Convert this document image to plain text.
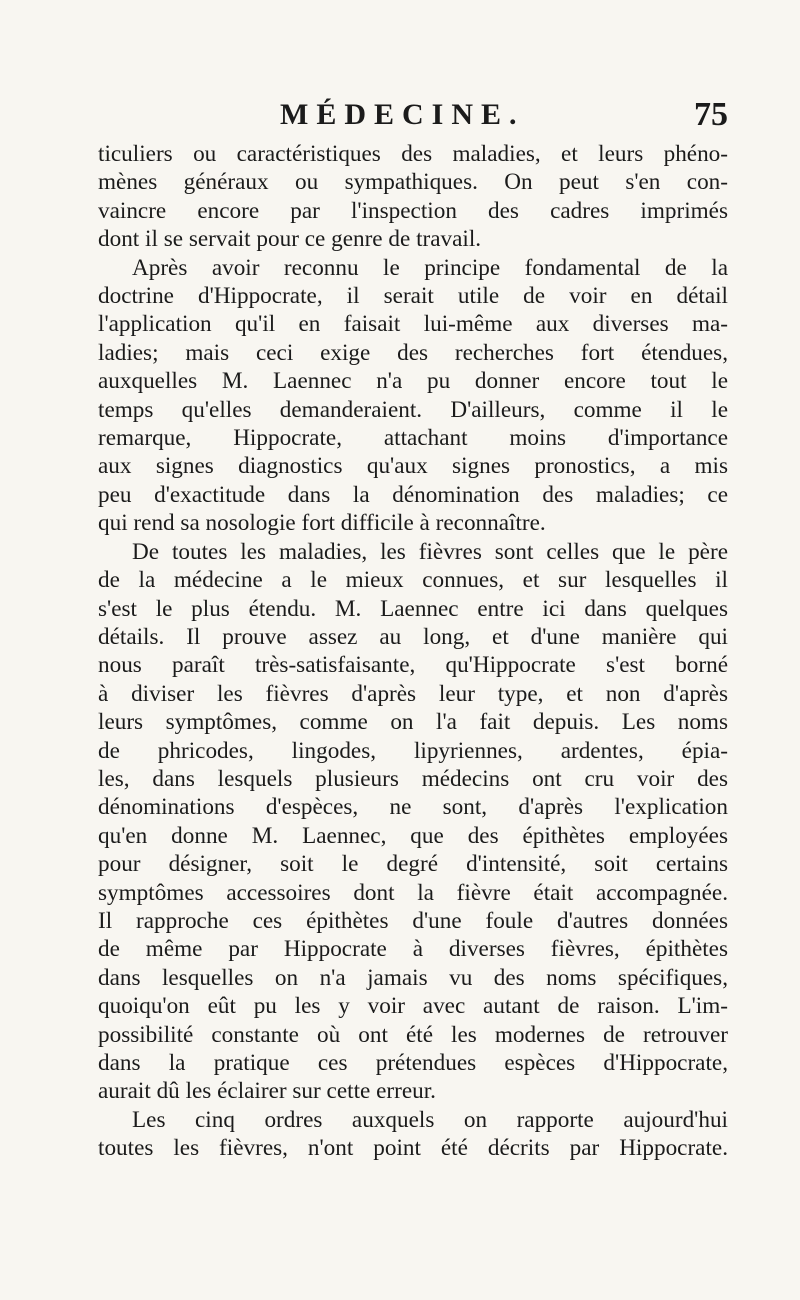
MÉDECINE.	75
ticuliers ou caractéristiques des maladies, et leurs phéno-
mènes généraux ou sympathiques. On peut s'en con-
vaincre encore par l'inspection des cadres imprimés
dont il se servait pour ce genre de travail.
Après avoir reconnu le principe fondamental de la
doctrine d'Hippocrate, il serait utile de voir en détail
l'application qu'il en faisait lui-même aux diverses ma-
ladies; mais ceci exige des recherches fort étendues,
auxquelles M. Laennec n'a pu donner encore tout le
temps qu'elles demanderaient. D'ailleurs, comme il le
remarque, Hippocrate, attachant moins d'importance
aux signes diagnostics qu'aux signes pronostics, a mis
peu d'exactitude dans la dénomination des maladies; ce
qui rend sa nosologie fort difficile à reconnaître.
De toutes les maladies, les fièvres sont celles que le père
de la médecine a le mieux connues, et sur lesquelles il
s'est le plus étendu. M. Laennec entre ici dans quelques
détails. Il prouve assez au long, et d'une manière qui
nous paraît très-satisfaisante, qu'Hippocrate s'est borné
à diviser les fièvres d'après leur type, et non d'après
leurs symptômes, comme on l'a fait depuis. Les noms
de phricodes, lingodes, lipyriennes, ardentes, épia-
les, dans lesquels plusieurs médecins ont cru voir des
dénominations d'espèces, ne sont, d'après l'explication
qu'en donne M. Laennec, que des épithètes employées
pour désigner, soit le degré d'intensité, soit certains
symptômes accessoires dont la fièvre était accompagnée.
Il rapproche ces épithètes d'une foule d'autres données
de même par Hippocrate à diverses fièvres, épithètes
dans lesquelles on n'a jamais vu des noms spécifiques,
quoiqu'on eût pu les y voir avec autant de raison. L'im-
possibilité constante où ont été les modernes de retrouver
dans la pratique ces prétendues espèces d'Hippocrate,
aurait dû les éclairer sur cette erreur.
Les cinq ordres auxquels on rapporte aujourd'hui
toutes les fièvres, n'ont point été décrits par Hippocrate.
